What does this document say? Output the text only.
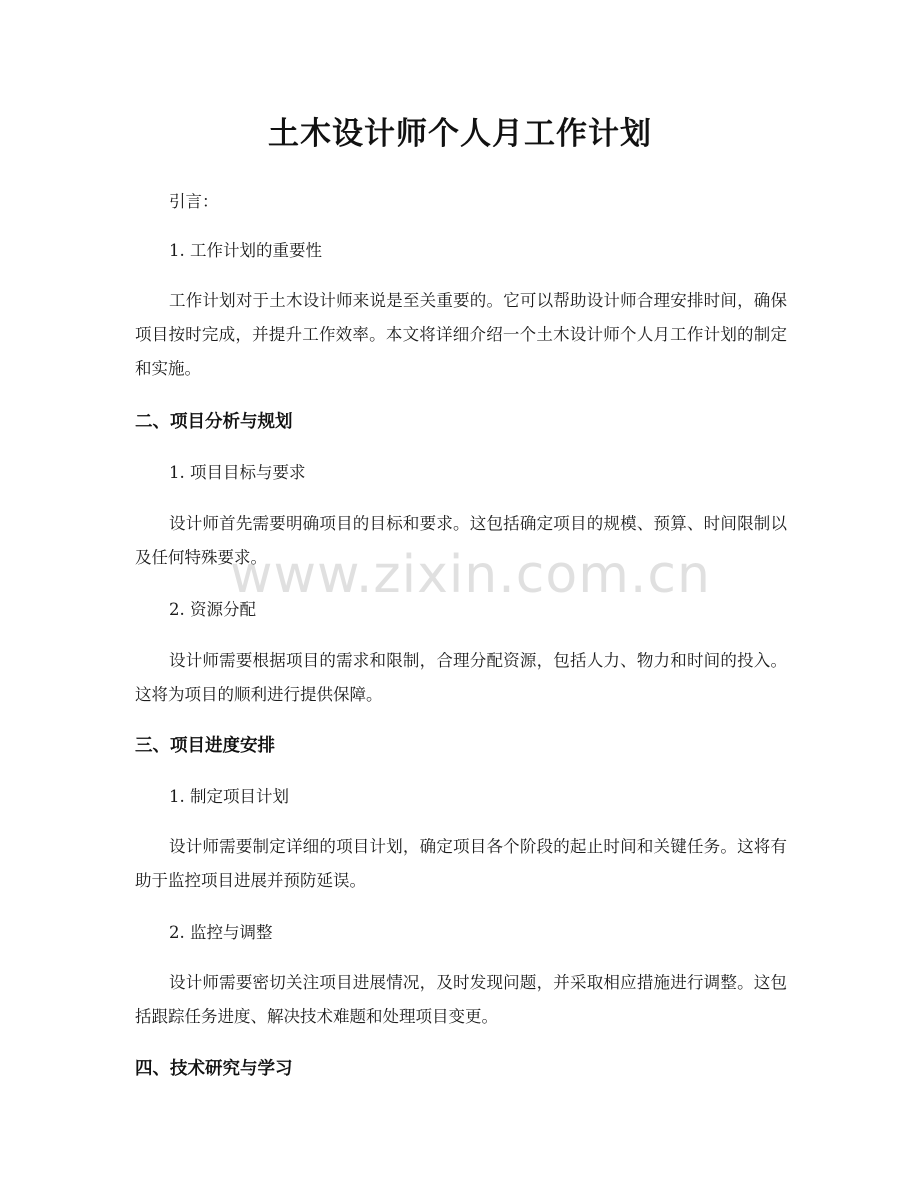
土木设计师个人月工作计划

引言：

1. 工作计划的重要性

工作计划对于土木设计师来说是至关重要的。它可以帮助设计师合理安排时间，确保项目按时完成，并提升工作效率。本文将详细介绍一个土木设计师个人月工作计划的制定和实施。

二、项目分析与规划

1. 项目目标与要求

设计师首先需要明确项目的目标和要求。这包括确定项目的规模、预算、时间限制以及任何特殊要求。

2. 资源分配

设计师需要根据项目的需求和限制，合理分配资源，包括人力、物力和时间的投入。这将为项目的顺利进行提供保障。

三、项目进度安排

1. 制定项目计划

设计师需要制定详细的项目计划，确定项目各个阶段的起止时间和关键任务。这将有助于监控项目进展并预防延误。

2. 监控与调整

设计师需要密切关注项目进展情况，及时发现问题，并采取相应措施进行调整。这包括跟踪任务进度、解决技术难题和处理项目变更。

四、技术研究与学习
www.zixin.com.cn
